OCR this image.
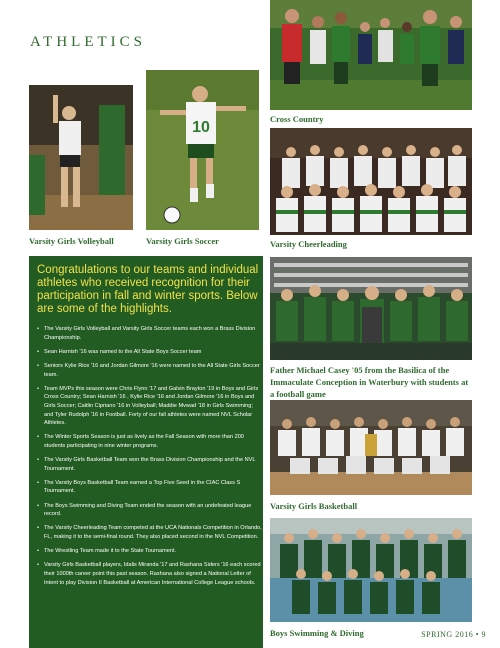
ATHLETICS
Cross Country
Varsity Girls Volleyball
10
Varsity Girls Soccer	Varsity Cheerleading

Congratulations to our teams and individual athletes who received recognition for their participation in fall and winter sports. Below are some of the highlights.

• The Varsity Girls Volleyball and Varsity Girls Soccer teams each won a Brass Division Championship.
• Sean Harnish '16 was named to the All State Boys Soccer team
• Seniors Kylie Rice '16 and Jordan Gilmore '16 were named to the All State Girls Soccer team.
• Team MVPs this season were Chris Flynn '17 and Galvin Brayton '19 in Boys and Girls Cross Country; Sean Harnish '16 , Kylie Rice '16 and Jordan Gilmore '16 in Boys and Girls Soccer; Caitlin Cipriano '16 in Volleyball; Maddie Mvwad '18 in Girls Swimming; and Tyler Rudolph '16 in Football. Forty of our fall athletes were named NVL Scholar Athletes.
• The Winter Sports Season is just as lively as the Fall Season with more than 200 students participating in nine winter programs.
• The Varsity Girls Basketball Team won the Brass Division Championship and the NVL Tournament.
• The Varsity Boys Basketball Team earned a Top Five Seed in the CIAC Class S Tournament.
• The Boys Swimming and Diving Team ended the season with an undefeated league record.
• The Varsity Cheerleading Team competed at the UCA Nationals Competition in Orlando, FL, making it to the semi-final round. They also placed second in the NVL Competition.
• The Wrestling Team made it to the State Tournament.
• Varsity Girls Basketball players, Idalis Miranda '17 and Rashana Siders '16 each scored their 1000th career point this past season. Rashana also signed a National Letter of Intent to play Division II Basketball at American International College League schools.
Father Michael Casey '05 from the Basilica of the Immaculate Conception in Waterbury with students at a football game
Varsity Girls Basketball
Boys Swimming & Diving	SPRING 2016 • 9
